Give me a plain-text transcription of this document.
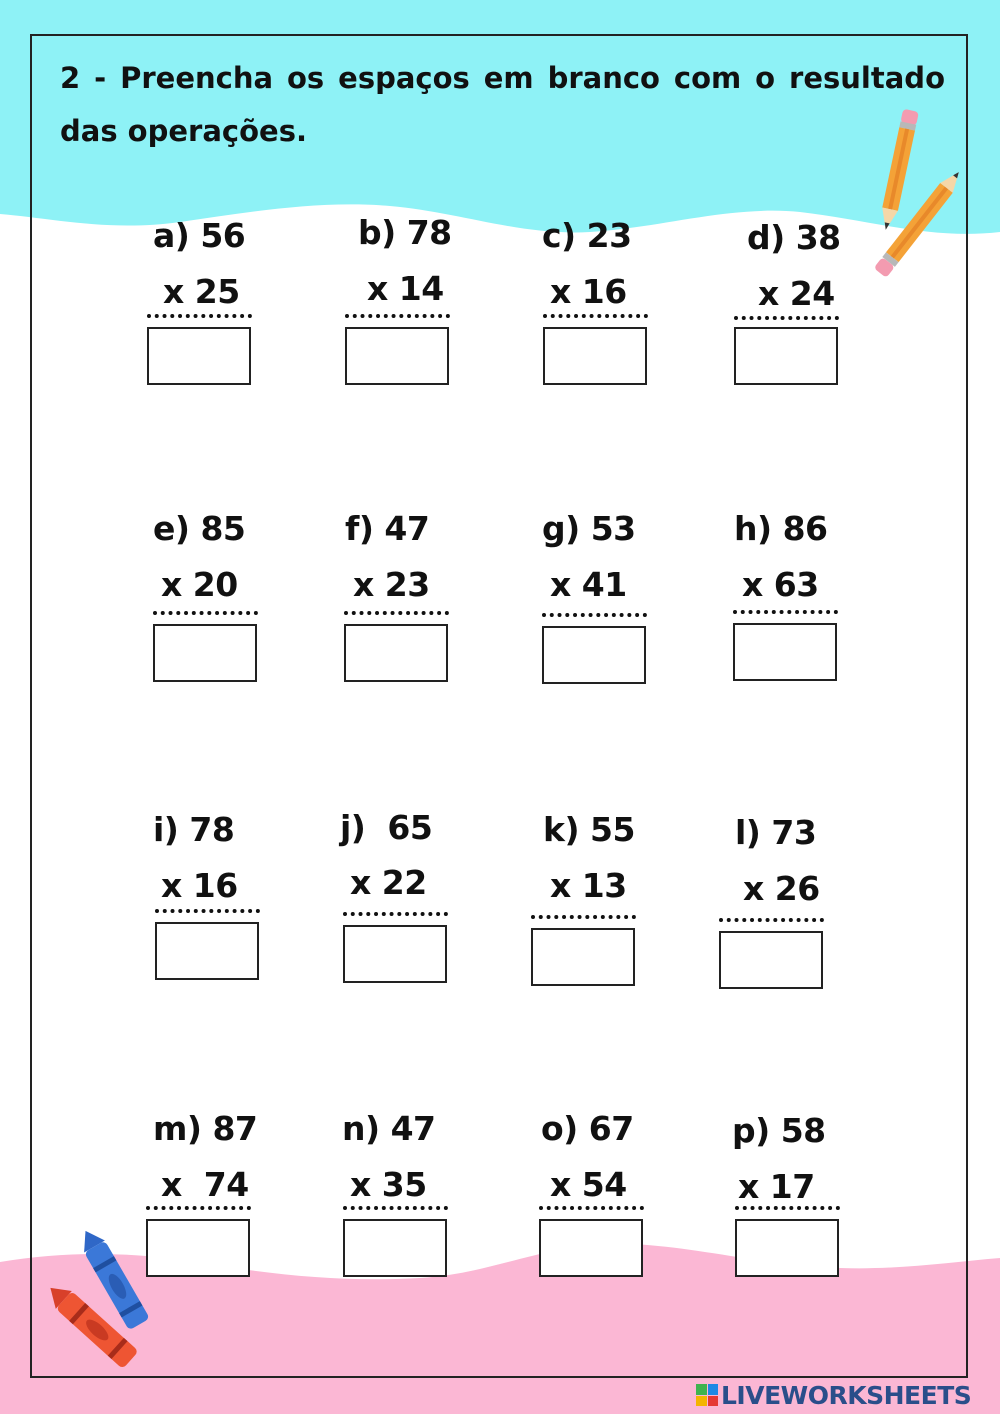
2 - Preencha os espaços em branco com o resultado das operações.

a) 56
x 25
b) 78
x 14
c) 23
x 16
d) 38
x 24
e) 85
x 20
f) 47
x 23
g) 53
x 41
h) 86
x 63
i) 78
x 16
j)  65
x 22
k) 55
x 13
l) 73
x 26
m) 87
x  74
n) 47
x 35
o) 67
x 54
p) 58
x 17
LIVEWORKSHEETS
